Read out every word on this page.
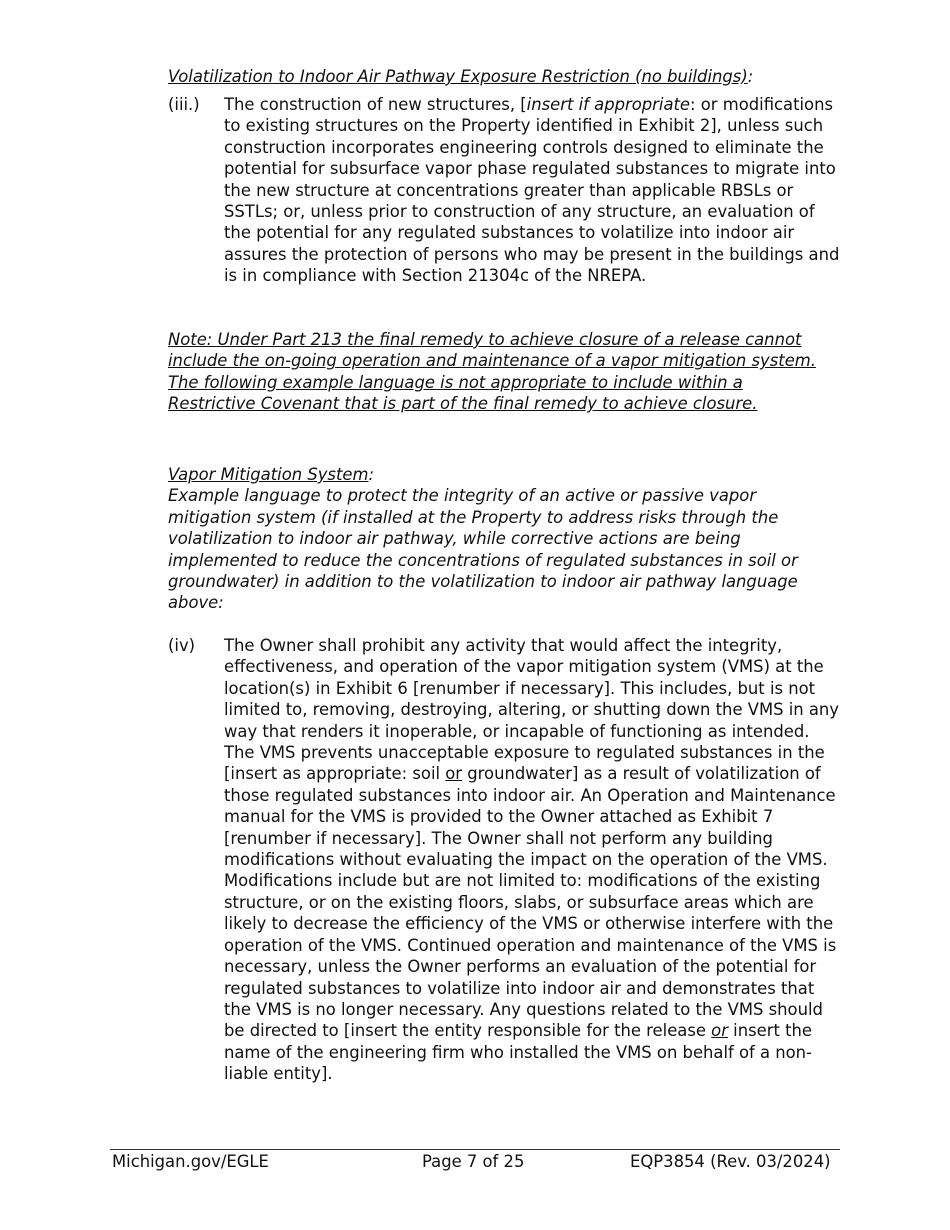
Volatilization to Indoor Air Pathway Exposure Restriction (no buildings):
(iii.)	The construction of new structures, [insert if appropriate: or modifications to existing structures on the Property identified in Exhibit 2], unless such construction incorporates engineering controls designed to eliminate the potential for subsurface vapor phase regulated substances to migrate into the new structure at concentrations greater than applicable RBSLs or SSTLs; or, unless prior to construction of any structure, an evaluation of the potential for any regulated substances to volatilize into indoor air assures the protection of persons who may be present in the buildings and is in compliance with Section 21304c of the NREPA.
Note: Under Part 213 the final remedy to achieve closure of a release cannot include the on-going operation and maintenance of a vapor mitigation system. The following example language is not appropriate to include within a Restrictive Covenant that is part of the final remedy to achieve closure.
Vapor Mitigation System:
Example language to protect the integrity of an active or passive vapor mitigation system (if installed at the Property to address risks through the volatilization to indoor air pathway, while corrective actions are being implemented to reduce the concentrations of regulated substances in soil or groundwater) in addition to the volatilization to indoor air pathway language above:
(iv)	The Owner shall prohibit any activity that would affect the integrity, effectiveness, and operation of the vapor mitigation system (VMS) at the location(s) in Exhibit 6 [renumber if necessary]. This includes, but is not limited to, removing, destroying, altering, or shutting down the VMS in any way that renders it inoperable, or incapable of functioning as intended. The VMS prevents unacceptable exposure to regulated substances in the [insert as appropriate: soil or groundwater] as a result of volatilization of those regulated substances into indoor air. An Operation and Maintenance manual for the VMS is provided to the Owner attached as Exhibit 7 [renumber if necessary]. The Owner shall not perform any building modifications without evaluating the impact on the operation of the VMS. Modifications include but are not limited to: modifications of the existing structure, or on the existing floors, slabs, or subsurface areas which are likely to decrease the efficiency of the VMS or otherwise interfere with the operation of the VMS. Continued operation and maintenance of the VMS is necessary, unless the Owner performs an evaluation of the potential for regulated substances to volatilize into indoor air and demonstrates that the VMS is no longer necessary. Any questions related to the VMS should be directed to [insert the entity responsible for the release or insert the name of the engineering firm who installed the VMS on behalf of a non-liable entity].
Michigan.gov/EGLE	Page 7 of 25	EQP3854 (Rev. 03/2024)
